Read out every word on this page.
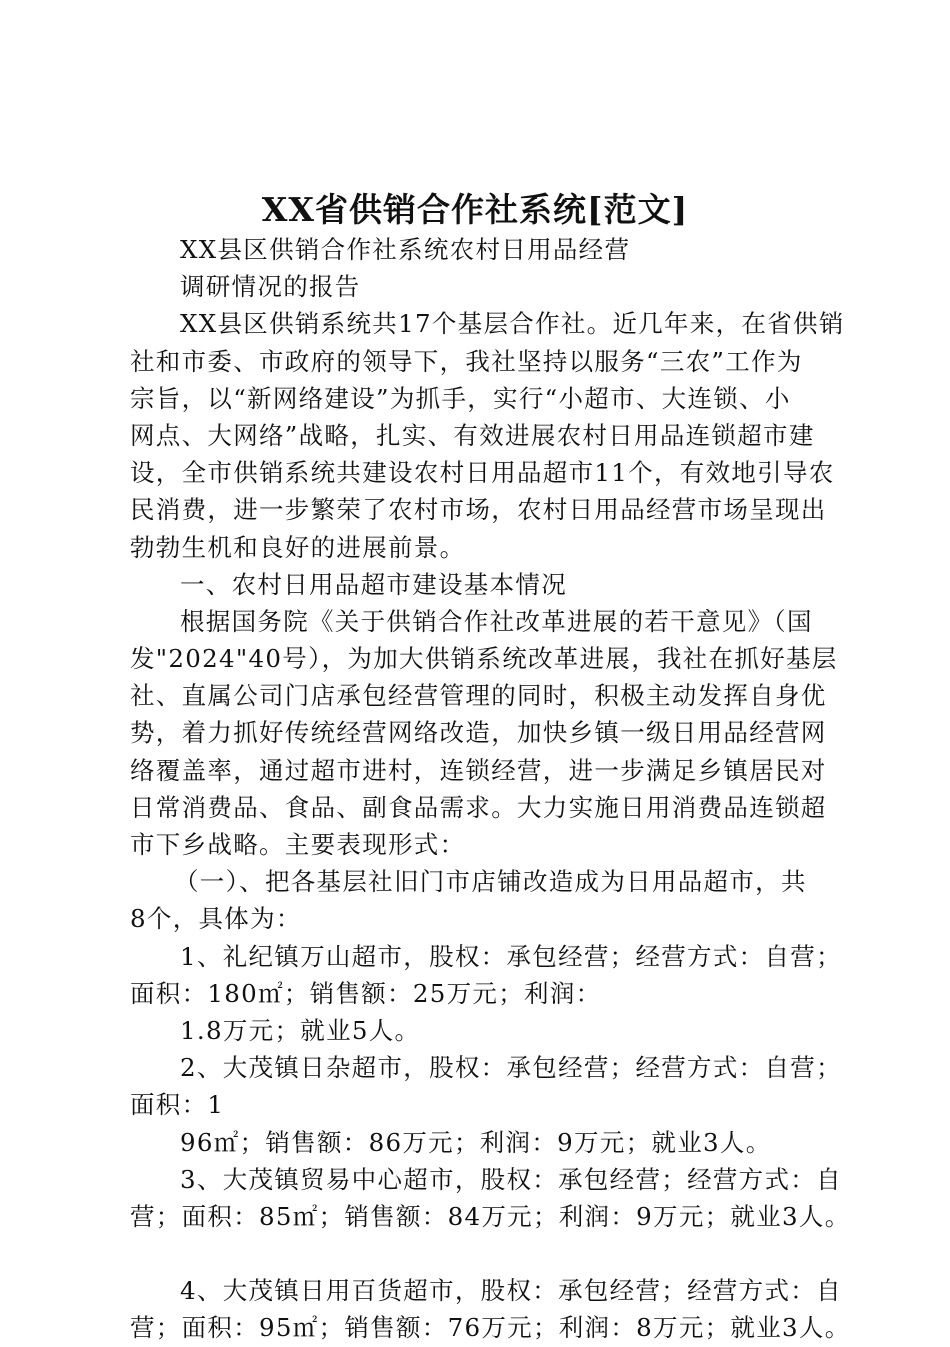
XX省供销合作社系统[范文]
XX县区供销合作社系统农村日用品经营
调研情况的报告
XX县区供销系统共17个基层合作社。近几年来，在省供销
社和市委、市政府的领导下，我社坚持以服务“三农”工作为
宗旨，以“新网络建设”为抓手，实行“小超市、大连锁、小
网点、大网络”战略，扎实、有效进展农村日用品连锁超市建
设，全市供销系统共建设农村日用品超市11个，有效地引导农
民消费，进一步繁荣了农村市场，农村日用品经营市场呈现出
勃勃生机和良好的进展前景。
一、农村日用品超市建设基本情况
根据国务院《关于供销合作社改革进展的若干意见》（国
发"2024"40号），为加大供销系统改革进展，我社在抓好基层
社、直属公司门店承包经营管理的同时，积极主动发挥自身优
势，着力抓好传统经营网络改造，加快乡镇一级日用品经营网
络覆盖率，通过超市进村，连锁经营，进一步满足乡镇居民对
日常消费品、食品、副食品需求。大力实施日用消费品连锁超
市下乡战略。主要表现形式：
（一）、把各基层社旧门市店铺改造成为日用品超市，共
8个，具体为：
1、礼纪镇万山超市，股权：承包经营；经营方式：自营；
面积：180㎡；销售额：25万元；利润：
1.8万元；就业5人。
2、大茂镇日杂超市，股权：承包经营；经营方式：自营；
面积：1
96㎡；销售额：86万元；利润：9万元；就业3人。
3、大茂镇贸易中心超市，股权：承包经营；经营方式：自
营；面积：85㎡；销售额：84万元；利润：9万元；就业3人。
4、大茂镇日用百货超市，股权：承包经营；经营方式：自
营；面积：95㎡；销售额：76万元；利润：8万元；就业3人。
